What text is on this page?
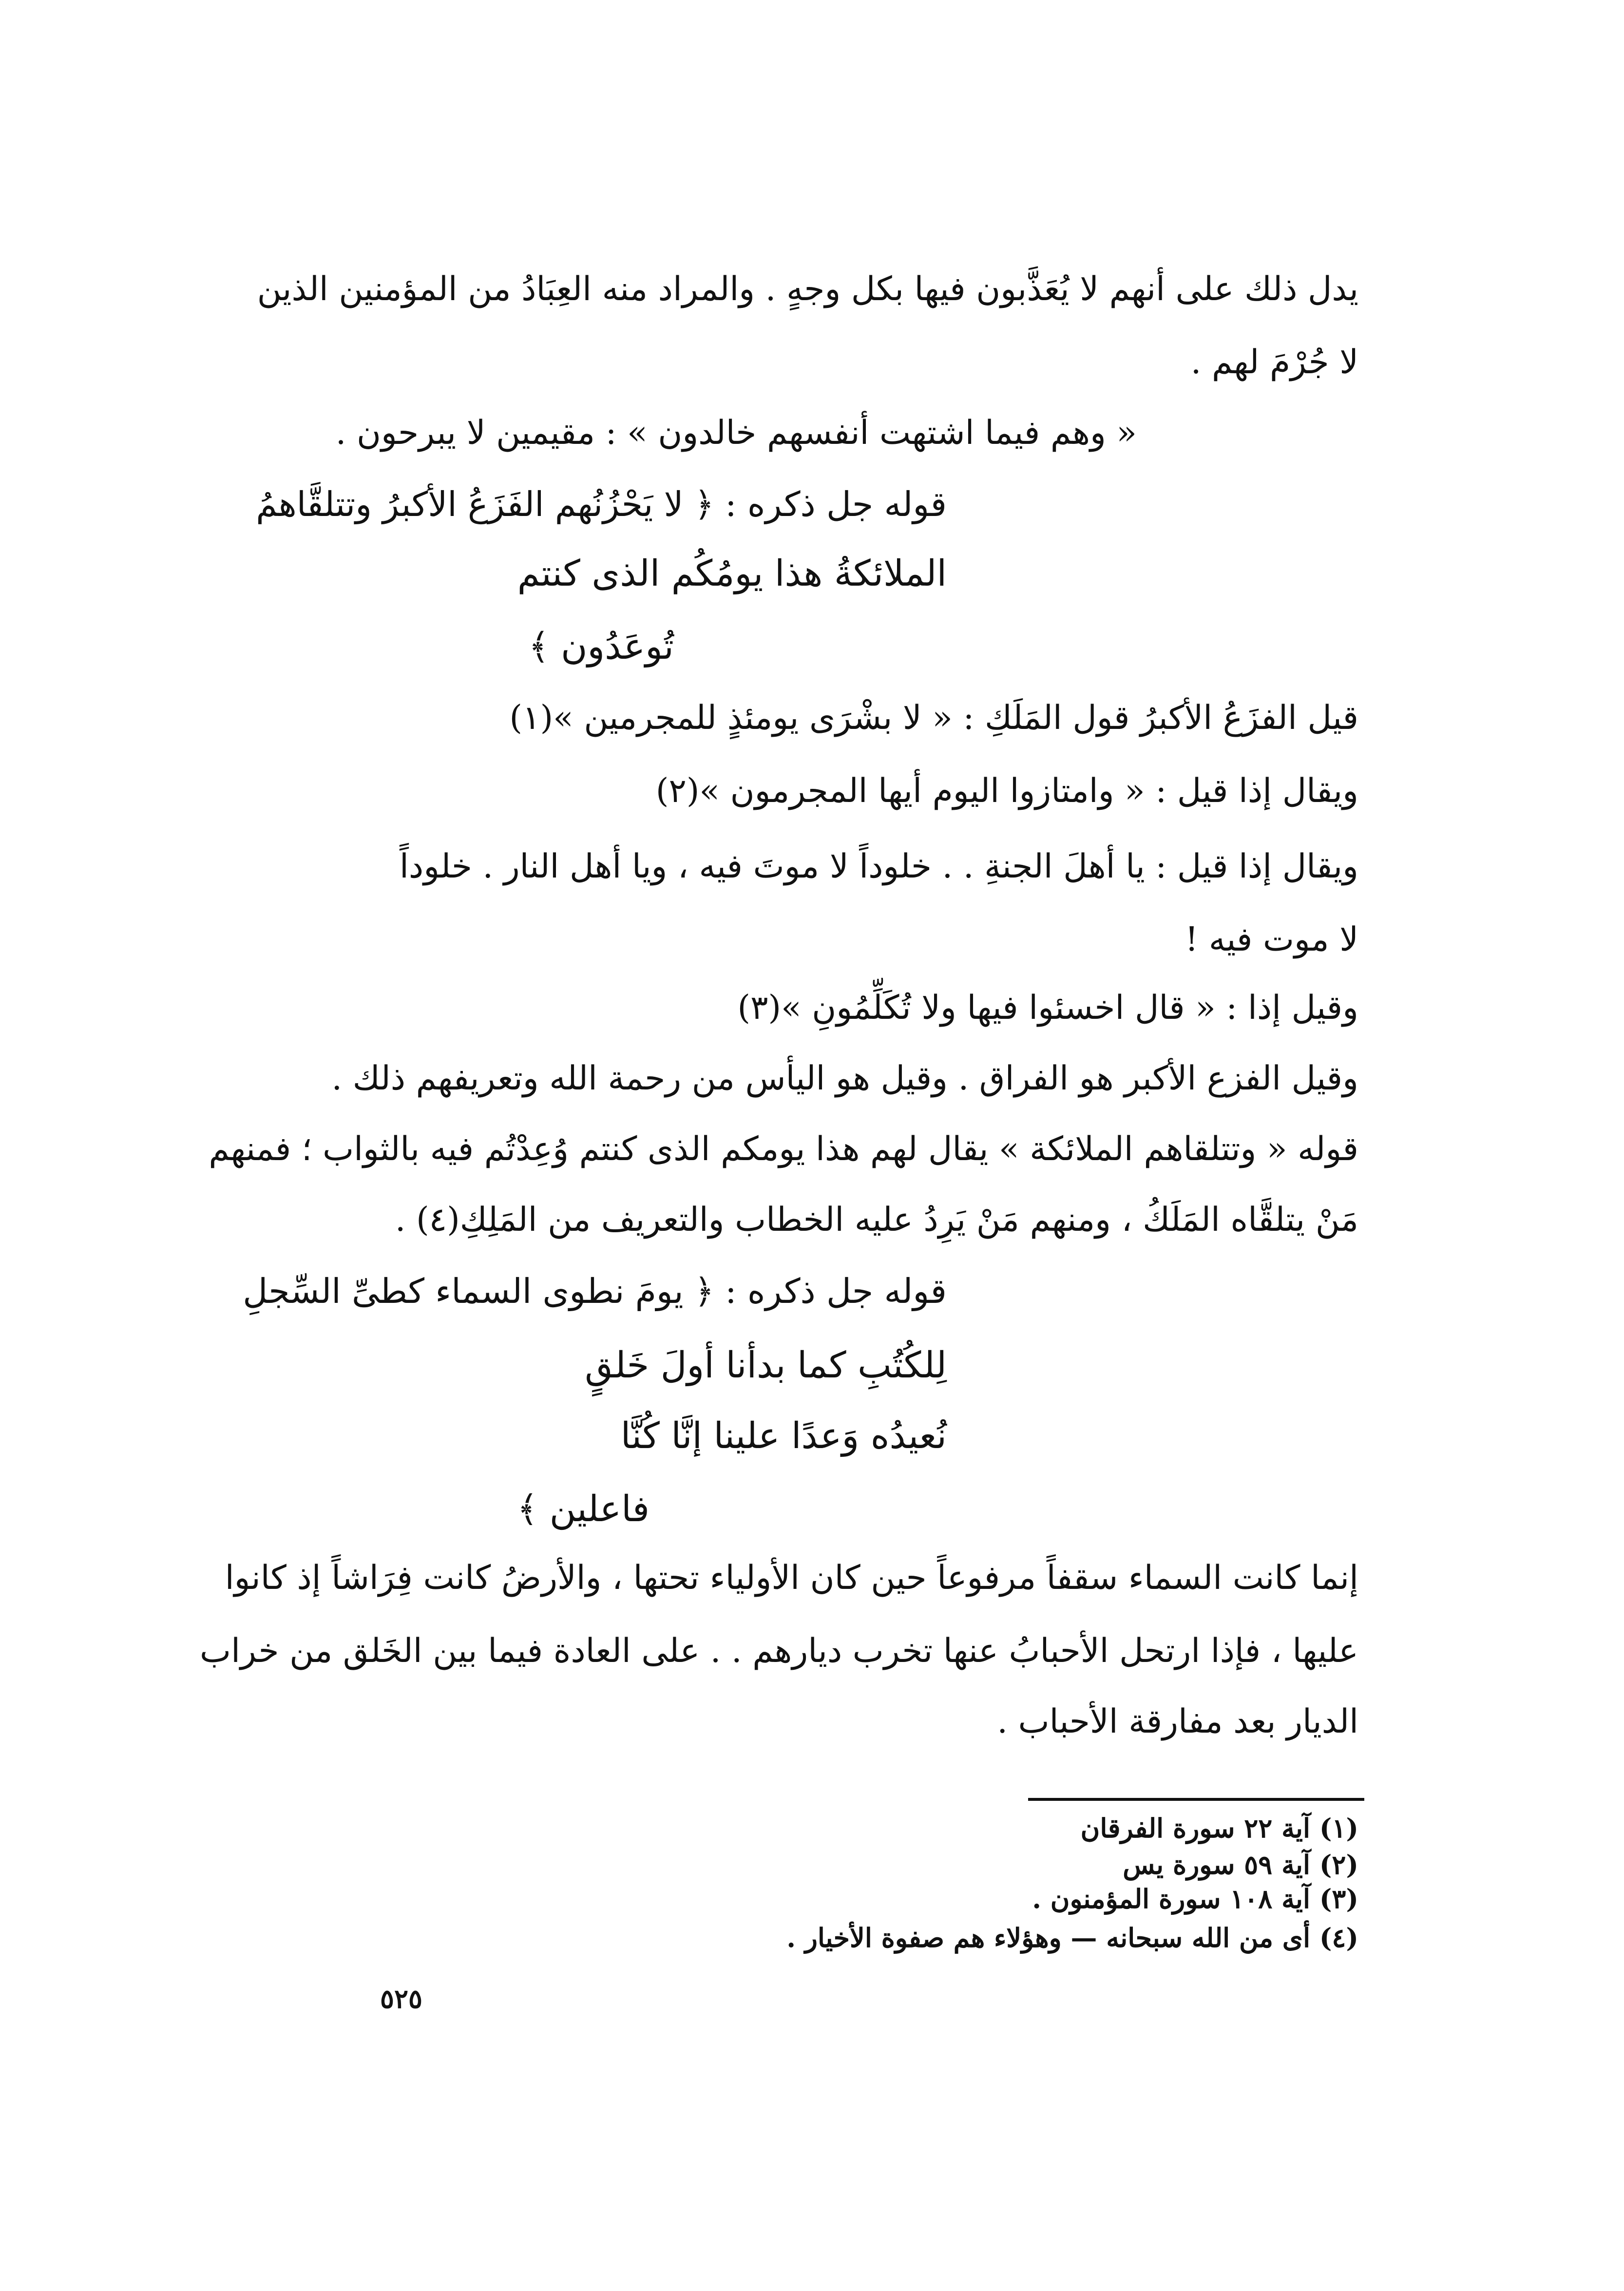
يدل ذلك على أنهم لا يُعَذَّبون فيها بكل وجهٍ . والمراد منه العِبَادُ من المؤمنين الذين

لا جُرْمَ لهم .

« وهم فيما اشتهت أنفسهم خالدون » : مقيمين لا يبرحون .

قوله جل ذكره : ﴿ لا يَحْزُنُهم الفَزَعُ الأكبرُ وتتلقَّاهمُ

الملائكةُ هذا يومُكُم الذى كنتم

تُوعَدُون ﴾

قيل الفزَعُ الأكبرُ قول المَلَكِ : « لا بشْرَى يومئذٍ للمجرمين »(١)

ويقال إذا قيل : « وامتازوا اليوم أيها المجرمون »(٢)

ويقال إذا قيل : يا أهلَ الجنةِ . . خلوداً لا موتَ فيه ، ويا أهل النار . خلوداً

لا موت فيه !

وقيل إذا : « قال اخسئوا فيها ولا تُكَلِّمُونِ »(٣)

وقيل الفزع الأكبر هو الفراق . وقيل هو اليأس من رحمة الله وتعريفهم ذلك .

قوله « وتتلقاهم الملائكة » يقال لهم هذا يومكم الذى كنتم وُعِدْتُم فيه بالثواب ؛ فمنهم

مَنْ يتلقَّاه المَلَكُ ، ومنهم مَنْ يَرِدُ عليه الخطاب والتعريف من المَلِكِ(٤) .

قوله جل ذكره : ﴿ يومَ نطوى السماء كطىِّ السِّجلِ

لِلكُتُبِ كما بدأنا أولَ خَلقٍ

نُعيدُه وَعدًا علينا إنَّا كُنَّا

فاعلين ﴾

إنما كانت السماء سقفاً مرفوعاً حين كان الأولياء تحتها ، والأرضُ كانت فِرَاشاً إذ كانوا

عليها ، فإذا ارتحل الأحبابُ عنها تخرب ديارهم . . على العادة فيما بين الخَلق من خراب

الديار بعد مفارقة الأحباب .

(١) آية ٢٢ سورة الفرقان

(٢) آية ٥٩ سورة يس

(٣) آية ١٠٨ سورة المؤمنون .

(٤) أى من الله سبحانه — وهؤلاء هم صفوة الأخيار .

٥٢٥
